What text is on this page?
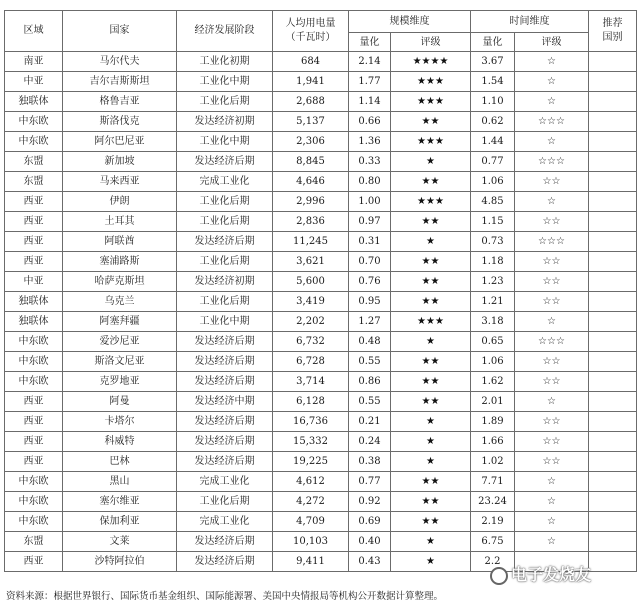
区域	国家	经济发展阶段	人均用电量
（千瓦时）	规模维度		时间维度		推荐
国别
				量化	评级	量化	评级	
南亚	马尔代夫	工业化初期	684	2.14	★★★★	3.67	☆	
中亚	吉尔吉斯斯坦	工业化中期	1,941	1.77	★★★	1.54	☆	
独联体	格鲁吉亚	工业化后期	2,688	1.14	★★★	1.10	☆	
中东欧	斯洛伐克	发达经济初期	5,137	0.66	★★	0.62	☆☆☆	
中东欧	阿尔巴尼亚	工业化中期	2,306	1.36	★★★	1.44	☆	
东盟	新加坡	发达经济后期	8,845	0.33	★	0.77	☆☆☆	
东盟	马来西亚	完成工业化	4,646	0.80	★★	1.06	☆☆	
西亚	伊朗	工业化后期	2,996	1.00	★★★	4.85	☆	
西亚	土耳其	工业化后期	2,836	0.97	★★	1.15	☆☆	
西亚	阿联酋	发达经济后期	11,245	0.31	★	0.73	☆☆☆	
西亚	塞浦路斯	工业化后期	3,621	0.70	★★	1.18	☆☆	
中亚	哈萨克斯坦	发达经济初期	5,600	0.76	★★	1.23	☆☆	
独联体	乌克兰	工业化后期	3,419	0.95	★★	1.21	☆☆	
独联体	阿塞拜疆	工业化中期	2,202	1.27	★★★	3.18	☆	
中东欧	爱沙尼亚	发达经济后期	6,732	0.48	★	0.65	☆☆☆	
中东欧	斯洛文尼亚	发达经济后期	6,728	0.55	★★	1.06	☆☆	
中东欧	克罗地亚	发达经济后期	3,714	0.86	★★	1.62	☆☆	
西亚	阿曼	发达经济中期	6,128	0.55	★★	2.01	☆	
西亚	卡塔尔	发达经济后期	16,736	0.21	★	1.89	☆☆	
西亚	科威特	发达经济后期	15,332	0.24	★	1.66	☆☆	
西亚	巴林	发达经济后期	19,225	0.38	★	1.02	☆☆	
中东欧	黑山	完成工业化	4,612	0.77	★★	7.71	☆	
中东欧	塞尔维亚	工业化后期	4,272	0.92	★★	23.24	☆	
中东欧	保加利亚	完成工业化	4,709	0.69	★★	2.19	☆	
东盟	文莱	发达经济后期	10,103	0.40	★	6.75	☆	
西亚	沙特阿拉伯	发达经济后期	9,411	0.43	★	2.2		
资料来源：根据世界银行、国际货币基金组织、国际能源署、美国中央情报局等机构公开数据计算整理。
电子发烧友
